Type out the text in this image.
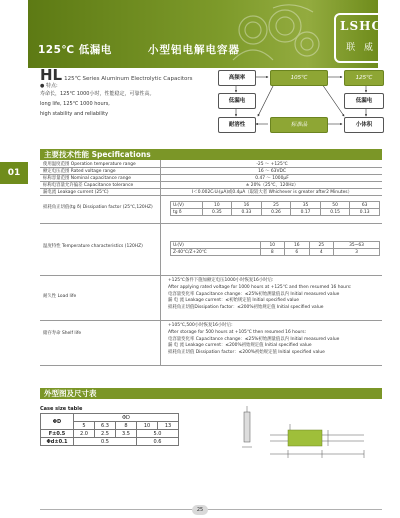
125℃ 低漏电	小型铝电解电容器
LSHC
联 威
HL 125℃ Series Aluminum Electrolytic Capacitors
● 特点:
寿命长，125℃ 1000小时，性能稳定，可靠性高。
long life, 125℃ 1000 hours,
high stability and reliability
高频率	105℃	125℃
低漏电	低漏电
耐溶性	标准品	小体积
01
主要技术性能 Specifications
使用温度范围 Operation temperature range	-25 ～ +125℃
额定电压范围 Rated voltage range	16 ～ 63VDC
标称容量范围 Nominal capacitance range	0.47 ～ 1000μF
标称电容量允许偏差 Capacitance tolerance	± 20%（25℃，120Hz）
漏电流 Leakage current (25℃)	I＜0.002CᵣUᵣ(μA)或0.4μA（取较大者 Whichever is greater after2 Minutes）
损耗角正切值(tg δ) Dissipation factor (25℃,120HZ)	Uᵣ(V)	10	16	25	35	50	63
tg δ	0.35	0.33	0.26	0.17	0.15	0.13
温度特性 Temperature characteristics (120HZ)	Uᵣ(V)	10	16	25	35~63
Z-40℃/Z+20℃	8	6	4	3
耐久性 Load life
+125℃条件下施加额定电压1000小时恢复16小时后:
After applying rated voltage for 1000 hours at +125℃ and then resumed 16 hours:
电容量变化率 Capacitance change：≤25%初始测量值以内 Initial measured value
漏 电 流 Leakage current：≤初始规定值 Initial specified value
损耗角正切值Dissipation factor：≤200%初始规定值 Initial specified value
储存寿命 Shelf life
+105℃,500小时恢复16小时后:
After storage for 500 hours at +105℃ then resumed 16 hours:
电容量变化率 Capacitance change：≤25%初始测量值以内 Initial measured value
漏 电 流 Leakage current：≤200%初始规定值 Initial specified value
损耗角正切值 Dissipation factor：≤200%初始规定值 Initial specified value
外型图及尺寸表
Case size table
ΦD	ΦD				
	5	6.3	8	10	13
F±0.5	2.0	2.5	3.5	5.0	
Φd±0.1	0.5			0.6	
25
